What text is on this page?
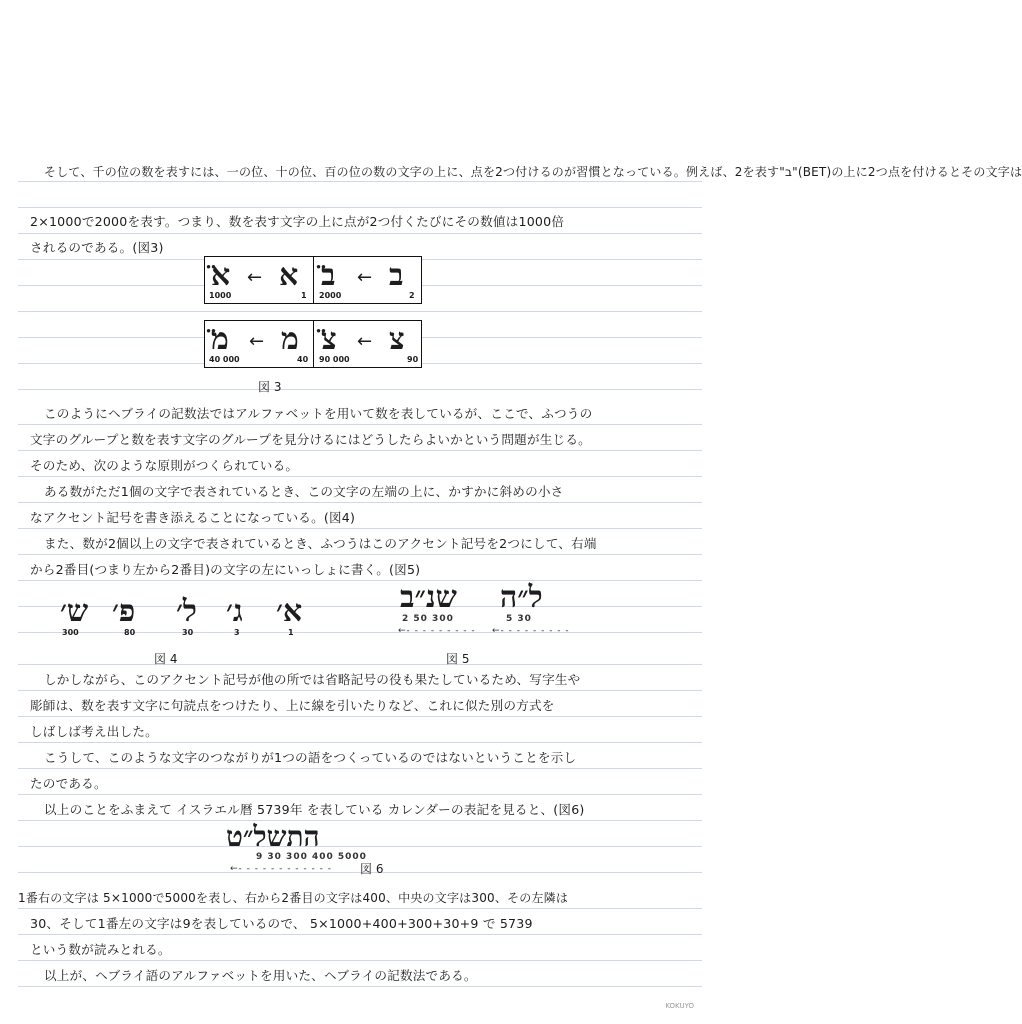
そして、千の位の数を表すには、一の位、十の位、百の位の数の文字の上に、点を2つ付けるのが習慣となっている。例えば、2を表す"ב"(BET)の上に2つ点を付けるとその文字は
2×1000で2000を表す。つまり、数を表す文字の上に点が2つ付くたびにその数値は1000倍
されるのである。(図3)
א̈
1000
← א
1
ב̈
2000
← ב
2
מ̈
40 000
← מ
40
צ̈
90 000
← צ
90
図 3
このようにヘブライの記数法ではアルファベットを用いて数を表しているが、ここで、ふつうの
文字のグループと数を表す文字のグループを見分けるにはどうしたらよいかという問題が生じる。
そのため、次のような原則がつくられている。
ある数がただ1個の文字で表されているとき、この文字の左端の上に、かすかに斜めの小さ
なアクセント記号を書き添えることになっている。(図4)
また、数が2個以上の文字で表されているとき、ふつうはこのアクセント記号を2つにして、右端
から2番目(つまり左から2番目)の文字の左にいっしょに書く。(図5)
ש׳
300
פ׳
80
ל׳
30
ג׳
3
א׳
1
図 4
שנ״ב
2 50 300
←- - - - - - - - -
ל״ה
5 30
←- - - - - - - - -
図 5
しかしながら、このアクセント記号が他の所では省略記号の役も果たしているため、写字生や
彫師は、数を表す文字に句読点をつけたり、上に線を引いたりなど、これに似た別の方式を
しばしば考え出した。
こうして、このような文字のつながりが1つの語をつくっているのではないということを示し
たのである。
以上のことをふまえて イスラエル暦 5739年 を表している カレンダーの表記を見ると、(図6)
התשל״ט
9 30 300 400 5000
←- - - - - - - - - - - - 図 6
1番右の文字は 5×1000で5000を表し、右から2番目の文字は400、中央の文字は300、その左隣は
30、そして1番左の文字は9を表しているので、 5×1000+400+300+30+9 で 5739
という数が読みとれる。
以上が、ヘブライ語のアルファベットを用いた、ヘブライの記数法である。
KOKUYO
